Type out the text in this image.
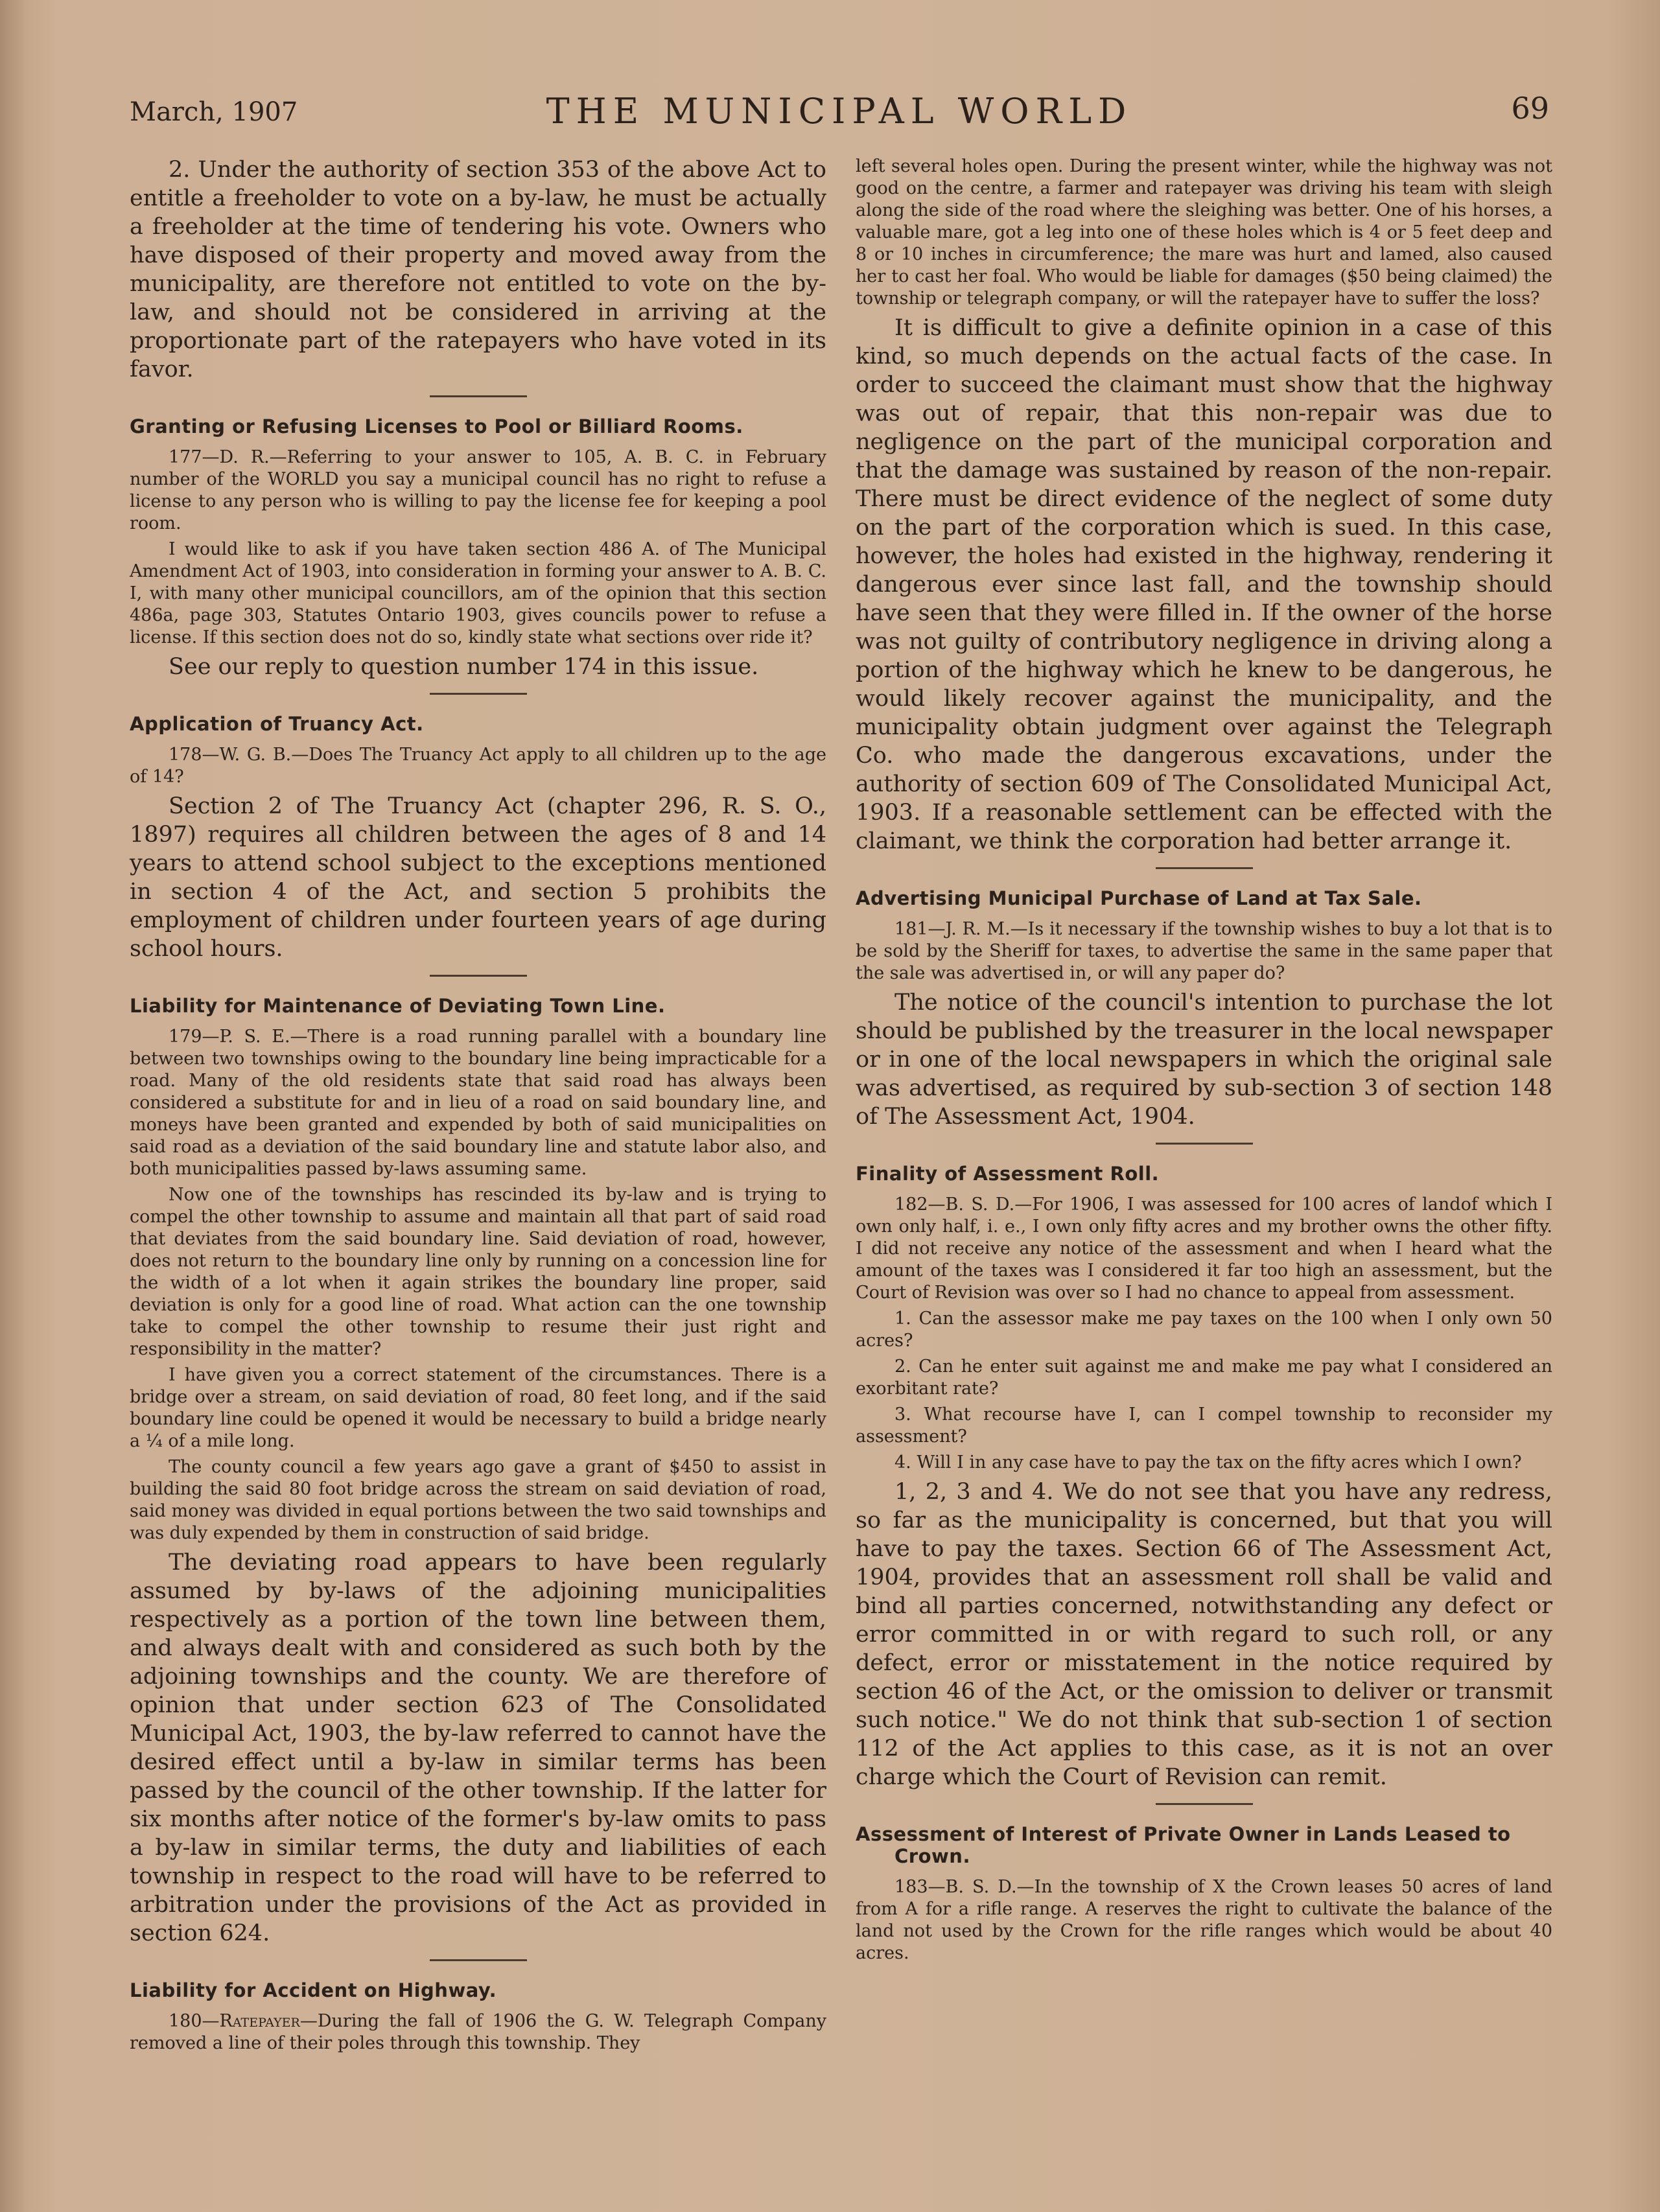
March, 1907	THE MUNICIPAL WORLD	69

2. Under the authority of section 353 of the above Act to entitle a freeholder to vote on a by-law, he must be actually a freeholder at the time of tendering his vote. Owners who have disposed of their property and moved away from the municipality, are therefore not entitled to vote on the by-law, and should not be considered in arriving at the proportionate part of the ratepayers who have voted in its favor.

Granting or Refusing Licenses to Pool or Billiard Rooms.

177—D. R.—Referring to your answer to 105, A. B. C. in February number of the WORLD you say a municipal council has no right to refuse a license to any person who is willing to pay the license fee for keeping a pool room.

I would like to ask if you have taken section 486 A. of The Municipal Amendment Act of 1903, into consideration in forming your answer to A. B. C. I, with many other municipal councillors, am of the opinion that this section 486a, page 303, Statutes Ontario 1903, gives councils power to refuse a license. If this section does not do so, kindly state what sections over ride it?

See our reply to question number 174 in this issue.

Application of Truancy Act.

178—W. G. B.—Does The Truancy Act apply to all children up to the age of 14?

Section 2 of The Truancy Act (chapter 296, R. S. O., 1897) requires all children between the ages of 8 and 14 years to attend school subject to the exceptions mentioned in section 4 of the Act, and section 5 prohibits the employment of children under fourteen years of age during school hours.

Liability for Maintenance of Deviating Town Line.

179—P. S. E.—There is a road running parallel with a boundary line between two townships owing to the boundary line being impracticable for a road. Many of the old residents state that said road has always been considered a substitute for and in lieu of a road on said boundary line, and moneys have been granted and expended by both of said municipalities on said road as a deviation of the said boundary line and statute labor also, and both municipalities passed by-laws assuming same.

Now one of the townships has rescinded its by-law and is trying to compel the other township to assume and maintain all that part of said road that deviates from the said boundary line. Said deviation of road, however, does not return to the boundary line only by running on a concession line for the width of a lot when it again strikes the boundary line proper, said deviation is only for a good line of road. What action can the one township take to compel the other township to resume their just right and responsibility in the matter?

I have given you a correct statement of the circumstances. There is a bridge over a stream, on said deviation of road, 80 feet long, and if the said boundary line could be opened it would be necessary to build a bridge nearly a ¼ of a mile long.

The county council a few years ago gave a grant of $450 to assist in building the said 80 foot bridge across the stream on said deviation of road, said money was divided in equal portions between the two said townships and was duly expended by them in construction of said bridge.

The deviating road appears to have been regularly assumed by by-laws of the adjoining municipalities respectively as a portion of the town line between them, and always dealt with and considered as such both by the adjoining townships and the county. We are therefore of opinion that under section 623 of The Consolidated Municipal Act, 1903, the by-law referred to cannot have the desired effect until a by-law in similar terms has been passed by the council of the other township. If the latter for six months after notice of the former's by-law omits to pass a by-law in similar terms, the duty and liabilities of each township in respect to the road will have to be referred to arbitration under the provisions of the Act as provided in section 624.

Liability for Accident on Highway.

180—Ratepayer—During the fall of 1906 the G. W. Telegraph Company removed a line of their poles through this township. They

left several holes open. During the present winter, while the highway was not good on the centre, a farmer and ratepayer was driving his team with sleigh along the side of the road where the sleighing was better. One of his horses, a valuable mare, got a leg into one of these holes which is 4 or 5 feet deep and 8 or 10 inches in circumference; the mare was hurt and lamed, also caused her to cast her foal. Who would be liable for damages ($50 being claimed) the township or telegraph company, or will the ratepayer have to suffer the loss?

It is difficult to give a definite opinion in a case of this kind, so much depends on the actual facts of the case. In order to succeed the claimant must show that the highway was out of repair, that this non-repair was due to negligence on the part of the municipal corporation and that the damage was sustained by reason of the non-repair. There must be direct evidence of the neglect of some duty on the part of the corporation which is sued. In this case, however, the holes had existed in the highway, rendering it dangerous ever since last fall, and the township should have seen that they were filled in. If the owner of the horse was not guilty of contributory negligence in driving along a portion of the highway which he knew to be dangerous, he would likely recover against the municipality, and the municipality obtain judgment over against the Telegraph Co. who made the dangerous excavations, under the authority of section 609 of The Consolidated Municipal Act, 1903. If a reasonable settlement can be effected with the claimant, we think the corporation had better arrange it.

Advertising Municipal Purchase of Land at Tax Sale.

181—J. R. M.—Is it necessary if the township wishes to buy a lot that is to be sold by the Sheriff for taxes, to advertise the same in the same paper that the sale was advertised in, or will any paper do?

The notice of the council's intention to purchase the lot should be published by the treasurer in the local newspaper or in one of the local newspapers in which the original sale was advertised, as required by sub-section 3 of section 148 of The Assessment Act, 1904.

Finality of Assessment Roll.

182—B. S. D.—For 1906, I was assessed for 100 acres of landof which I own only half, i. e., I own only fifty acres and my brother owns the other fifty. I did not receive any notice of the assessment and when I heard what the amount of the taxes was I considered it far too high an assessment, but the Court of Revision was over so I had no chance to appeal from assessment.

1. Can the assessor make me pay taxes on the 100 when I only own 50 acres?

2. Can he enter suit against me and make me pay what I considered an exorbitant rate?

3. What recourse have I, can I compel township to reconsider my assessment?

4. Will I in any case have to pay the tax on the fifty acres which I own?

1, 2, 3 and 4. We do not see that you have any redress, so far as the municipality is concerned, but that you will have to pay the taxes. Section 66 of The Assessment Act, 1904, provides that an assessment roll shall be valid and bind all parties concerned, notwithstanding any defect or error committed in or with regard to such roll, or any defect, error or misstatement in the notice required by section 46 of the Act, or the omission to deliver or transmit such notice." We do not think that sub-section 1 of section 112 of the Act applies to this case, as it is not an over charge which the Court of Revision can remit.

Assessment of Interest of Private Owner in Lands Leased to Crown.

183—B. S. D.—In the township of X the Crown leases 50 acres of land from A for a rifle range. A reserves the right to cultivate the balance of the land not used by the Crown for the rifle ranges which would be about 40 acres.
